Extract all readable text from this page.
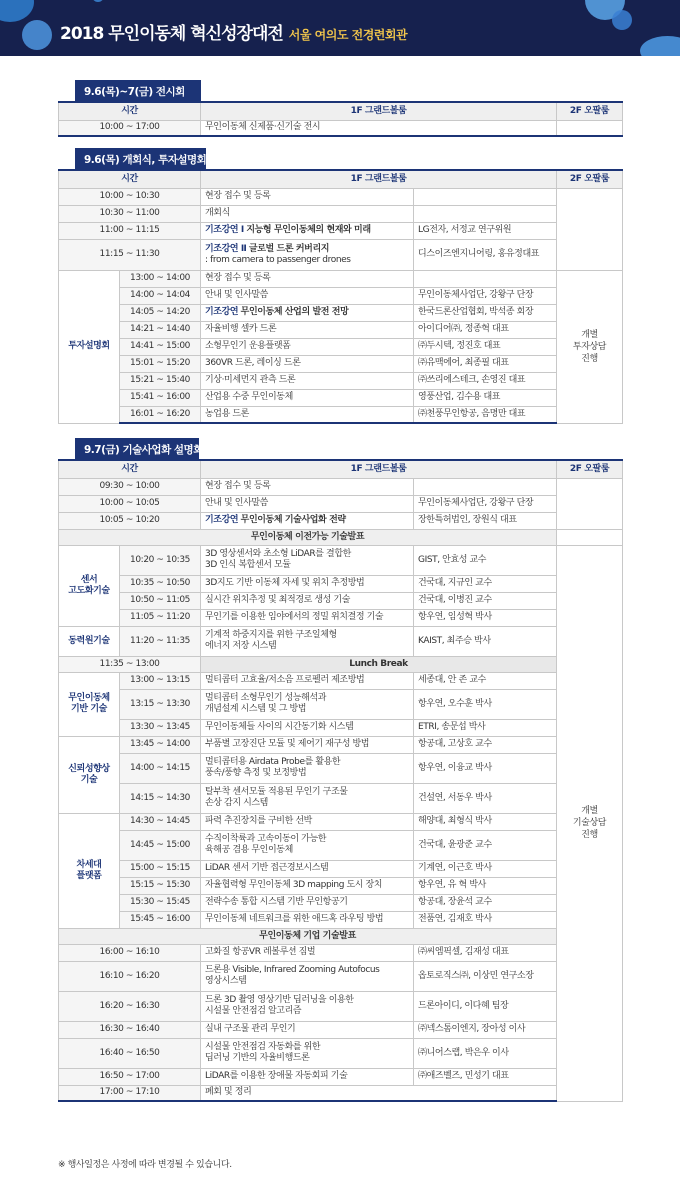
2018 무인이동체 혁신성장대전 서울 여의도 전경련회관
9.6(목)~7(금) 전시회
시간	1F 그랜드볼룸	2F 오팔룸
10:00 ~ 17:00	무인이동체 신제품·신기술 전시	
9.6(목) 개회식, 투자설명회
시간		1F 그랜드볼룸		2F 오팔룸
10:00 ~ 10:30		현장 접수 및 등록		
10:30 ~ 11:00		개회식		
11:00 ~ 11:15		기조강연 Ⅰ 지능형 무인이동체의 현재와 미래	LG전자, 서정교 연구위원	
11:15 ~ 11:30		기조강연 Ⅱ 글로벌 드론 커버리지
: from camera to passenger drones	디스이즈엔지니어링, 홍유정대표	
투자설명회	13:00 ~ 14:00	현장 접수 및 등록		개별
투자상담
진행
	14:00 ~ 14:04	안내 및 인사말씀	무인이동체사업단, 강왕구 단장	
	14:05 ~ 14:20	기조강연 무인이동체 산업의 발전 전망	한국드론산업협회, 박석종 회장	
	14:21 ~ 14:40	자율비행 셀카 드론	아이디어㈜, 정종혁 대표	
	14:41 ~ 15:00	소형무인기 운용플랫폼	㈜두시텍, 정진호 대표	
	15:01 ~ 15:20	360VR 드론, 레이싱 드론	㈜유맥에어, 최종필 대표	
	15:21 ~ 15:40	기상·미세먼지 관측 드론	㈜쓰리에스테크, 손영진 대표	
	15:41 ~ 16:00	산업용 수중 무인이동체	영풍산업, 김수용 대표	
	16:01 ~ 16:20	농업용 드론	㈜천풍무인항공, 음명만 대표	
9.7(금) 기술사업화 설명회
시간		1F 그랜드볼룸		2F 오팔룸
09:30 ~ 10:00		현장 접수 및 등록		
10:00 ~ 10:05		안내 및 인사말씀	무인이동체사업단, 강왕구 단장	
10:05 ~ 10:20		기조강연 무인이동체 기술사업화 전략	장한특허법인, 장원식 대표	
무인이동체 이전가능 기술발표				
센서
고도화기술	10:20 ~ 10:35	3D 영상센서와 초소형 LiDAR를 결합한
3D 인식 복합센서 모듈	GIST, 안효성 교수	개별
기술상담
진행
	10:35 ~ 10:50	3D지도 기반 이동체 자세 및 위치 추정방법	건국대, 지규인 교수	
	10:50 ~ 11:05	실시간 위치추정 및 최적경로 생성 기술	건국대, 이병진 교수	
	11:05 ~ 11:20	무인기를 이용한 임야에서의 정밀 위치결정 기술	항우연, 임성혁 박사	
동력원기술	11:20 ~ 11:35	기계적 하중지지를 위한 구조일체형
에너지 저장 시스템	KAIST, 최주승 박사	
11:35 ~ 13:00		Lunch Break		
무인이동체
기반 기술	13:00 ~ 13:15	멀티콥터 고효율/저소음 프로펠러 제조방법	세종대, 안 존 교수	
	13:15 ~ 13:30	멀티콥터 소형무인기 성능해석과
개념설계 시스템 및 그 방법	항우연, 오수훈 박사	
	13:30 ~ 13:45	무인이동체들 사이의 시간동기화 시스템	ETRI, 송문섭 박사	
신뢰성향상
기술	13:45 ~ 14:00	부품별 고장진단 모듈 및 제어기 재구성 방법	항공대, 고상호 교수	
	14:00 ~ 14:15	멀티콥터용 Airdata Probe를 활용한
풍속/풍향 측정 및 보정방법	항우연, 이융교 박사	
	14:15 ~ 14:30	탈부착 센서모듈 적용된 무인기 구조물
손상 감지 시스템	건설연, 서동우 박사	
차세대
플랫폼	14:30 ~ 14:45	파력 추진장치를 구비한 선박	해양대, 최형식 박사	
	14:45 ~ 15:00	수직이착륙과 고속이동이 가능한
육해공 겸용 무인이동체	건국대, 윤광준 교수	
	15:00 ~ 15:15	LiDAR 센서 기반 접근경보시스템	기계연, 이근호 박사	
	15:15 ~ 15:30	자율협력형 무인이동체 3D mapping 도시 장치	항우연, 유 혁 박사	
	15:30 ~ 15:45	전략수송 통합 시스템 기반 무인항공기	항공대, 장윤석 교수	
	15:45 ~ 16:00	무인이동체 네트워크를 위한 애드혹 라우팅 방법	전품연, 김재호 박사	
무인이동체 기업 기술발표				
16:00 ~ 16:10		고화질 항공VR 레볼루션 짐벌	㈜씨엠픽셀, 김재성 대표	
16:10 ~ 16:20		드론용 Visible, Infrared Zooming Autofocus
영상시스템	옵토로직스㈜, 이상민 연구소장	
16:20 ~ 16:30		드론 3D 촬영 영상기반 딥러닝을 이용한
시설물 안전점검 알고리즘	드론아이디, 이다혜 팀장	
16:30 ~ 16:40		실내 구조물 관리 무인기	㈜넥스톰이엔지, 장아성 이사	
16:40 ~ 16:50		시설물 안전점검 자동화를 위한
딥러닝 기반의 자율비행드론	㈜니어스랩, 박은우 이사	
16:50 ~ 17:00		LiDAR를 이용한 장애물 자동회피 기술	㈜애즈벨즈, 민성기 대표	
17:00 ~ 17:10		폐회 및 정리		
※ 행사일정은 사정에 따라 변경될 수 있습니다.
